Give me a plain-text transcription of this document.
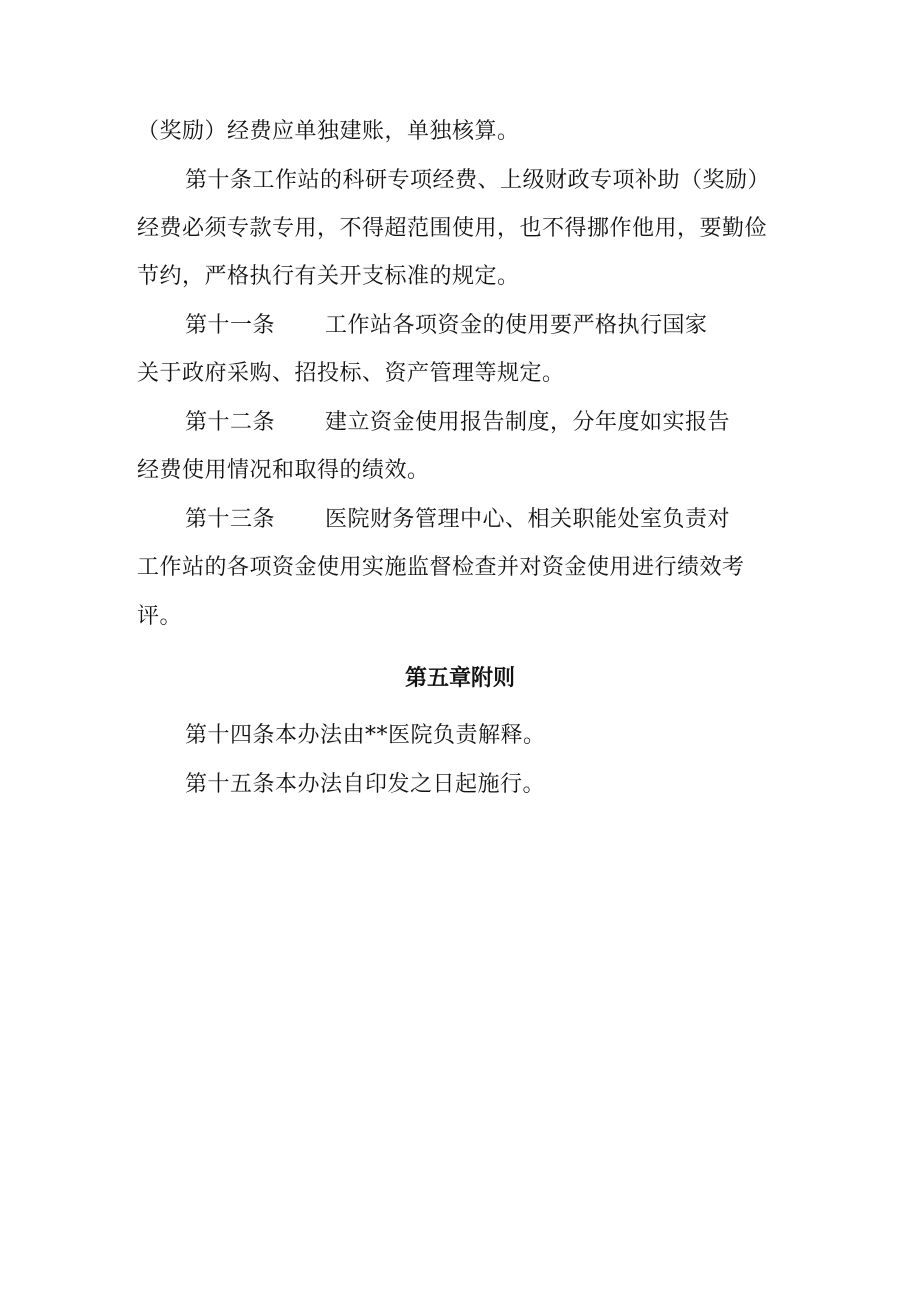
（奖励）经费应单独建账，单独核算。
第十条工作站的科研专项经费、上级财政专项补助（奖励）
经费必须专款专用，不得超范围使用，也不得挪作他用，要勤俭
节约，严格执行有关开支标准的规定。
第十一条 工作站各项资金的使用要严格执行国家
关于政府采购、招投标、资产管理等规定。
第十二条 建立资金使用报告制度，分年度如实报告
经费使用情况和取得的绩效。
第十三条 医院财务管理中心、相关职能处室负责对
工作站的各项资金使用实施监督检查并对资金使用进行绩效考
评。
第五章附则
第十四条本办法由**医院负责解释。
第十五条本办法自印发之日起施行。
